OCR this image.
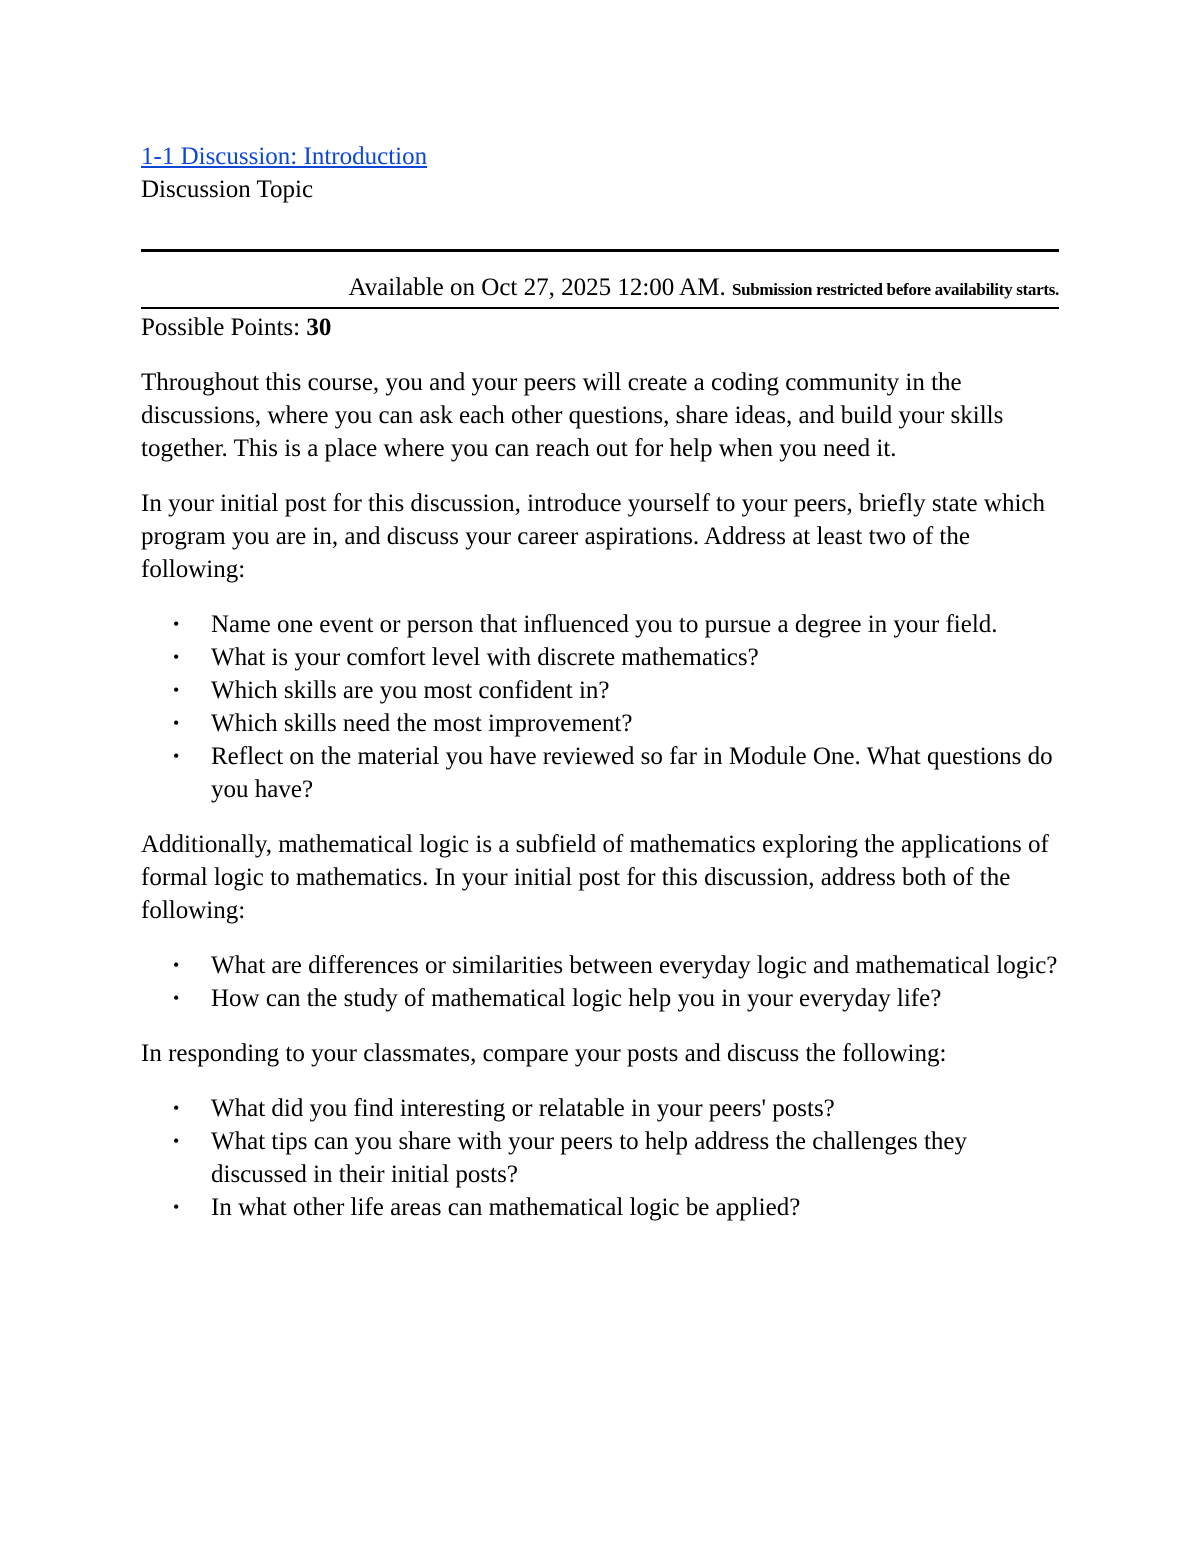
1-1 Discussion: Introduction
Discussion Topic
Available on Oct 27, 2025 12:00 AM. Submission restricted before availability starts.
Possible Points: 30

Throughout this course, you and your peers will create a coding community in the discussions, where you can ask each other questions, share ideas, and build your skills together. This is a place where you can reach out for help when you need it.

In your initial post for this discussion, introduce yourself to your peers, briefly state which program you are in, and discuss your career aspirations. Address at least two of the following:

• Name one event or person that influenced you to pursue a degree in your field.
• What is your comfort level with discrete mathematics?
• Which skills are you most confident in?
• Which skills need the most improvement?
• Reflect on the material you have reviewed so far in Module One. What questions do you have?

Additionally, mathematical logic is a subfield of mathematics exploring the applications of formal logic to mathematics. In your initial post for this discussion, address both of the following:

• What are differences or similarities between everyday logic and mathematical logic?
• How can the study of mathematical logic help you in your everyday life?

In responding to your classmates, compare your posts and discuss the following:

• What did you find interesting or relatable in your peers' posts?
• What tips can you share with your peers to help address the challenges they discussed in their initial posts?
• In what other life areas can mathematical logic be applied?
